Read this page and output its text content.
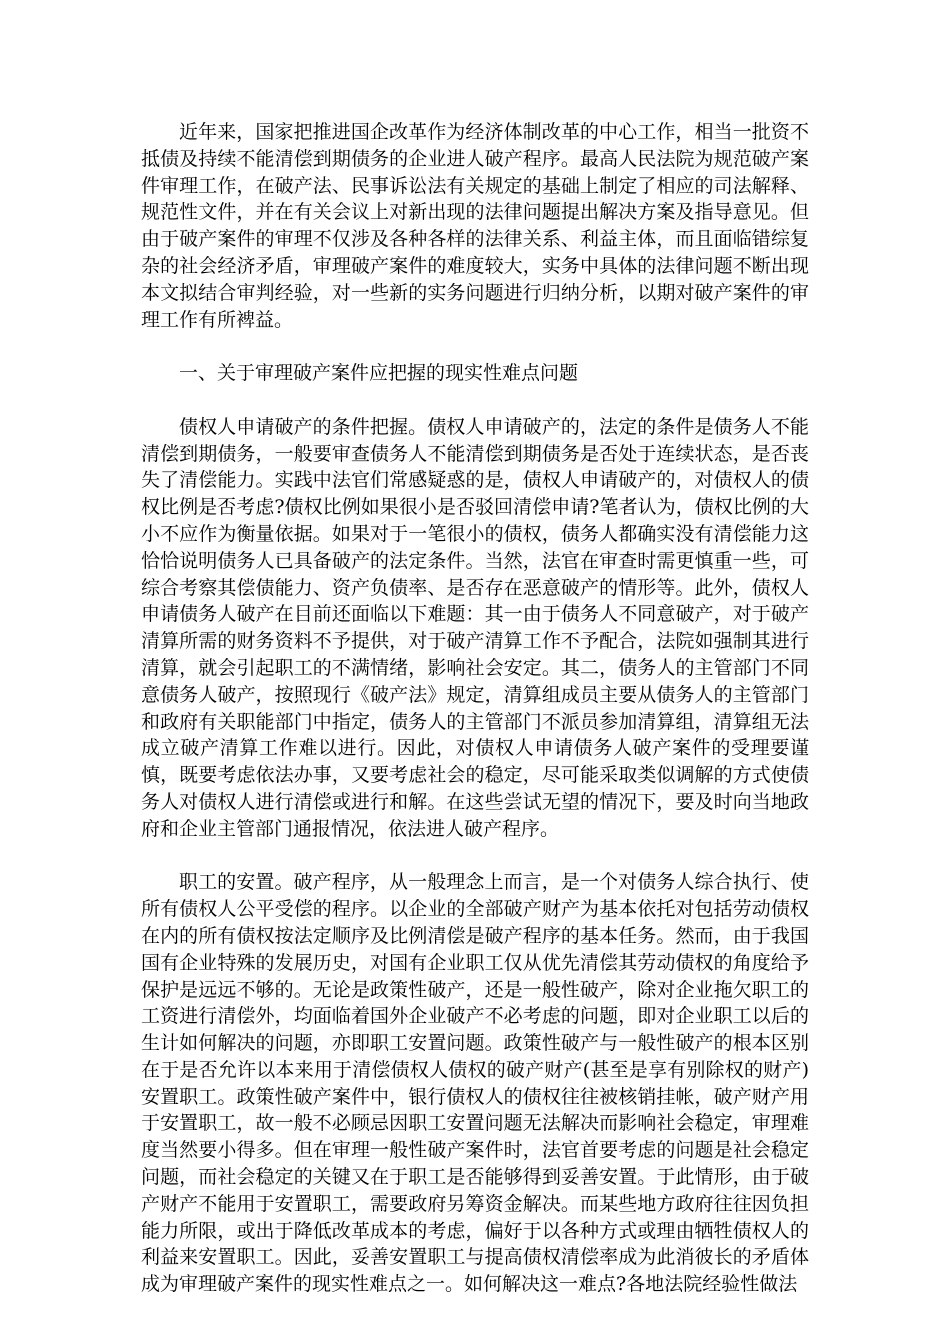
近年来，国家把推进国企改革作为经济体制改革的中心工作，相当一批资不抵债及持续不能清偿到期债务的企业进人破产程序。最高人民法院为规范破产案件审理工作，在破产法、民事诉讼法有关规定的基础上制定了相应的司法解释、规范性文件，并在有关会议上对新出现的法律问题提出解决方案及指导意见。但由于破产案件的审理不仅涉及各种各样的法律关系、利益主体，而且面临错综复杂的社会经济矛盾，审理破产案件的难度较大，实务中具体的法律问题不断出现本文拟结合审判经验，对一些新的实务问题进行归纳分析，以期对破产案件的审理工作有所裨益。

一、关于审理破产案件应把握的现实性难点问题

债权人申请破产的条件把握。债权人申请破产的，法定的条件是债务人不能清偿到期债务，一般要审查债务人不能清偿到期债务是否处于连续状态，是否丧失了清偿能力。实践中法官们常感疑惑的是，债权人申请破产的，对债权人的债权比例是否考虑?债权比例如果很小是否驳回清偿申请?笔者认为，债权比例的大小不应作为衡量依据。如果对于一笔很小的债权，债务人都确实没有清偿能力这恰恰说明债务人已具备破产的法定条件。当然，法官在审查时需更慎重一些，可综合考察其偿债能力、资产负债率、是否存在恶意破产的情形等。此外，债权人申请债务人破产在目前还面临以下难题：其一由于债务人不同意破产，对于破产清算所需的财务资料不予提供，对于破产清算工作不予配合，法院如强制其进行清算，就会引起职工的不满情绪，影响社会安定。其二，债务人的主管部门不同意债务人破产，按照现行《破产法》规定，清算组成员主要从债务人的主管部门和政府有关职能部门中指定，债务人的主管部门不派员参加清算组，清算组无法成立破产清算工作难以进行。因此，对债权人申请债务人破产案件的受理要谨慎，既要考虑依法办事，又要考虑社会的稳定，尽可能采取类似调解的方式使债务人对债权人进行清偿或进行和解。在这些尝试无望的情况下，要及时向当地政府和企业主管部门通报情况，依法进人破产程序。

职工的安置。破产程序，从一般理念上而言，是一个对债务人综合执行、使所有债权人公平受偿的程序。以企业的全部破产财产为基本依托对包括劳动债权在内的所有债权按法定顺序及比例清偿是破产程序的基本任务。然而，由于我国国有企业特殊的发展历史，对国有企业职工仅从优先清偿其劳动债权的角度给予保护是远远不够的。无论是政策性破产，还是一般性破产，除对企业拖欠职工的工资进行清偿外，均面临着国外企业破产不必考虑的问题，即对企业职工以后的生计如何解决的问题，亦即职工安置问题。政策性破产与一般性破产的根本区别在于是否允许以本来用于清偿债权人债权的破产财产(甚至是享有别除权的财产)安置职工。政策性破产案件中，银行债权人的债权往往被核销挂帐，破产财产用于安置职工，故一般不必顾忌因职工安置问题无法解决而影响社会稳定，审理难度当然要小得多。但在审理一般性破产案件时，法官首要考虑的问题是社会稳定问题，而社会稳定的关键又在于职工是否能够得到妥善安置。于此情形，由于破产财产不能用于安置职工，需要政府另筹资金解决。而某些地方政府往往因负担能力所限，或出于降低改革成本的考虑，偏好于以各种方式或理由牺牲债权人的利益来安置职工。因此，妥善安置职工与提高债权清偿率成为此消彼长的矛盾体成为审理破产案件的现实性难点之一。如何解决这一难点?各地法院经验性做法
